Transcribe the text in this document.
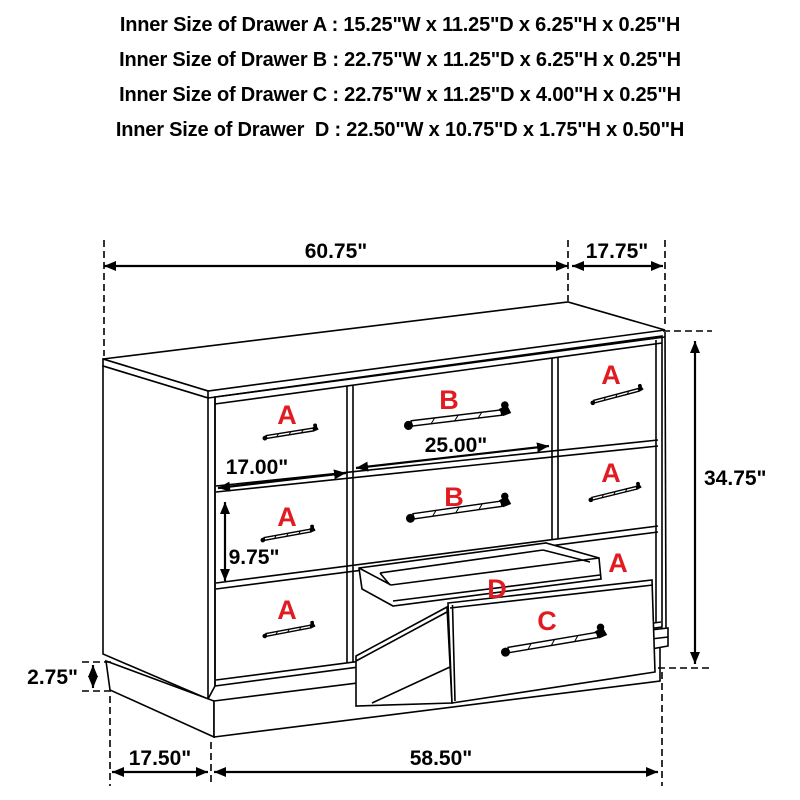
Inner Size of Drawer A : 15.25"W x 11.25"D x 6.25"H x 0.25"H
Inner Size of Drawer B : 22.75"W x 11.25"D x 6.25"H x 0.25"H
Inner Size of Drawer C : 22.75"W x 11.25"D x 4.00"H x 0.25"H
Inner Size of Drawer  D : 22.50"W x 10.75"D x 1.75"H x 0.50"H
60.75"	17.75"
34.75"
17.00"
25.00"
9.75"
2.75"
17.50"	58.50"
A	B
A
A
B
A
A
A
D
C
